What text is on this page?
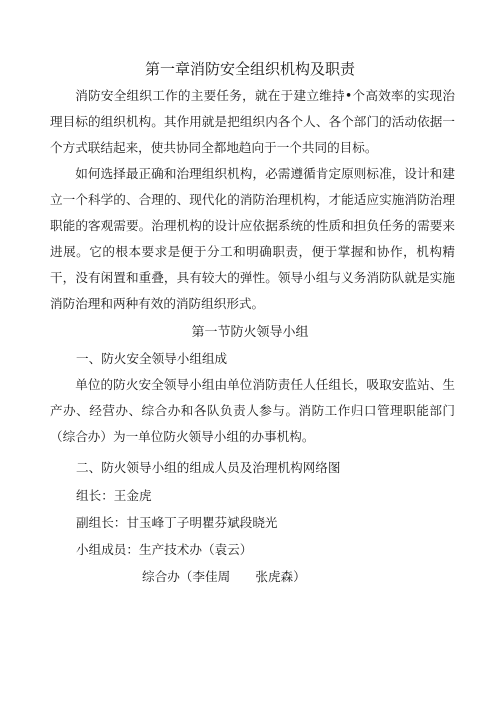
第一章消防安全组织机构及职责
消防安全组织工作的主要任务，就在于建立维持•个高效率的实现治理目标的组织机构。其作用就是把组织内各个人、各个部门的活动依据一个方式联结起来，使共协同全都地趋向于一个共同的目标。
如何选择最正确和治理组织机构，必需遵循肯定原则标准，设计和建立一个科学的、合理的、现代化的消防治理机构，才能适应实施消防治理职能的客观需要。治理机构的设计应依据系统的性质和担负任务的需要来进展。它的根本要求是便于分工和明确职责，便于掌握和协作，机构精干，没有闲置和重叠，具有较大的弹性。领导小组与义务消防队就是实施消防治理和两种有效的消防组织形式。
第一节防火领导小组
一、防火安全领导小组组成
单位的防火安全领导小组由单位消防责任人任组长，吸取安监站、生产办、经营办、综合办和各队负责人参与。消防工作归口管理职能部门（综合办）为一单位防火领导小组的办事机构。
二、防火领导小组的组成人员及治理机构网络图
组长：王金虎
副组长：甘玉峰丁子明瞿芬斌段晓光
小组成员：生产技术办（袁云）
综合办（李佳周　　张虎森）
